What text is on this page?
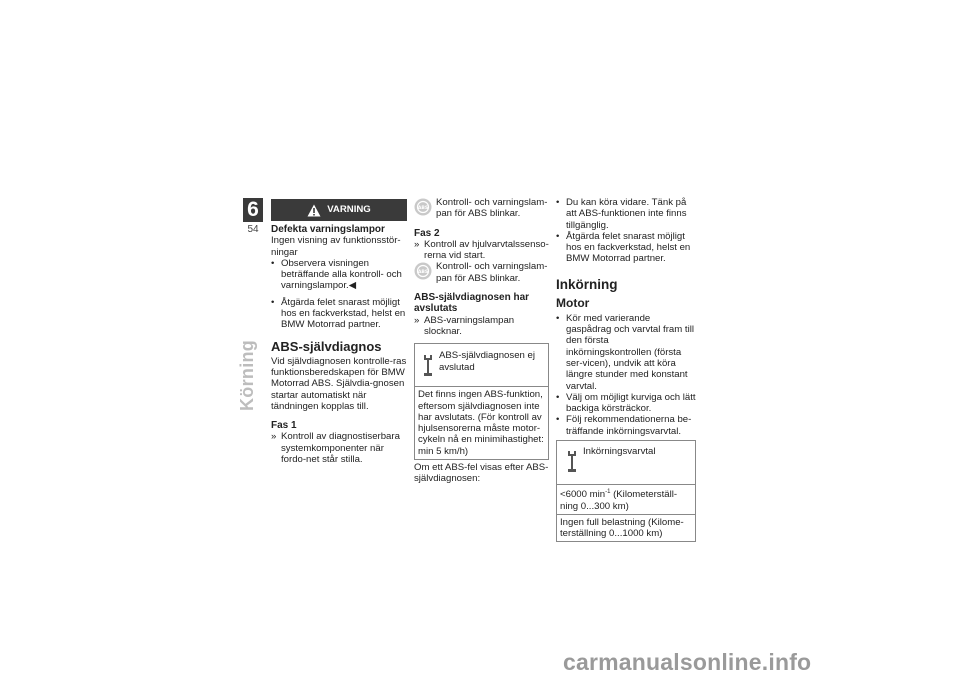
6
54
Körning
VARNING

Defekta varningslampor

Ingen visning av funktionsstör-ningar

• Observera visningen beträffande alla kontroll- och varningslampor.◀

• Åtgärda felet snarast möjligt hos en fackverkstad, helst en BMW Motorrad partner.

ABS-självdiagnos

Vid självdiagnosen kontrolle-ras funktionsberedskapen för BMW Motorrad ABS. Självdia-gnosen startar automatiskt när tändningen kopplas till.

Fas 1

» Kontroll av diagnostiserbara systemkomponenter när fordo-net står stilla.

ABS

Kontroll- och varningslam-pan för ABS blinkar.

Fas 2

» Kontroll av hjulvarvtalssenso-rerna vid start.

ABS

Kontroll- och varningslam-pan för ABS blinkar.

ABS-självdiagnosen har avslutats

» ABS-varningslampan slocknar.

ABS-självdiagnosen ej avslutad
Det finns ingen ABS-funktion, eftersom självdiagnosen inte har avslutats. (För kontroll av hjulsensorerna måste motor-cykeln nå en minimihastighet: min 5 km/h)

Om ett ABS-fel visas efter ABS-självdiagnosen:

• Du kan köra vidare. Tänk på att ABS-funktionen inte finns tillgänglig.

• Åtgärda felet snarast möjligt hos en fackverkstad, helst en BMW Motorrad partner.

Inkörning

Motor

• Kör med varierande gaspådrag och varvtal fram till den första inkörningskontrollen (första ser-vicen), undvik att köra längre stunder med konstant varvtal.

• Välj om möjligt kurviga och lätt backiga körsträckor.

• Följ rekommendationerna be-träffande inkörningsvarvtal.

Inkörningsvarvtal
<6000 $\min^{-1}$ (Kilometerställ-ning 0...300 km)
Ingen full belastning (Kilome-terställning 0...1000 km)
carmanualsonline.info
